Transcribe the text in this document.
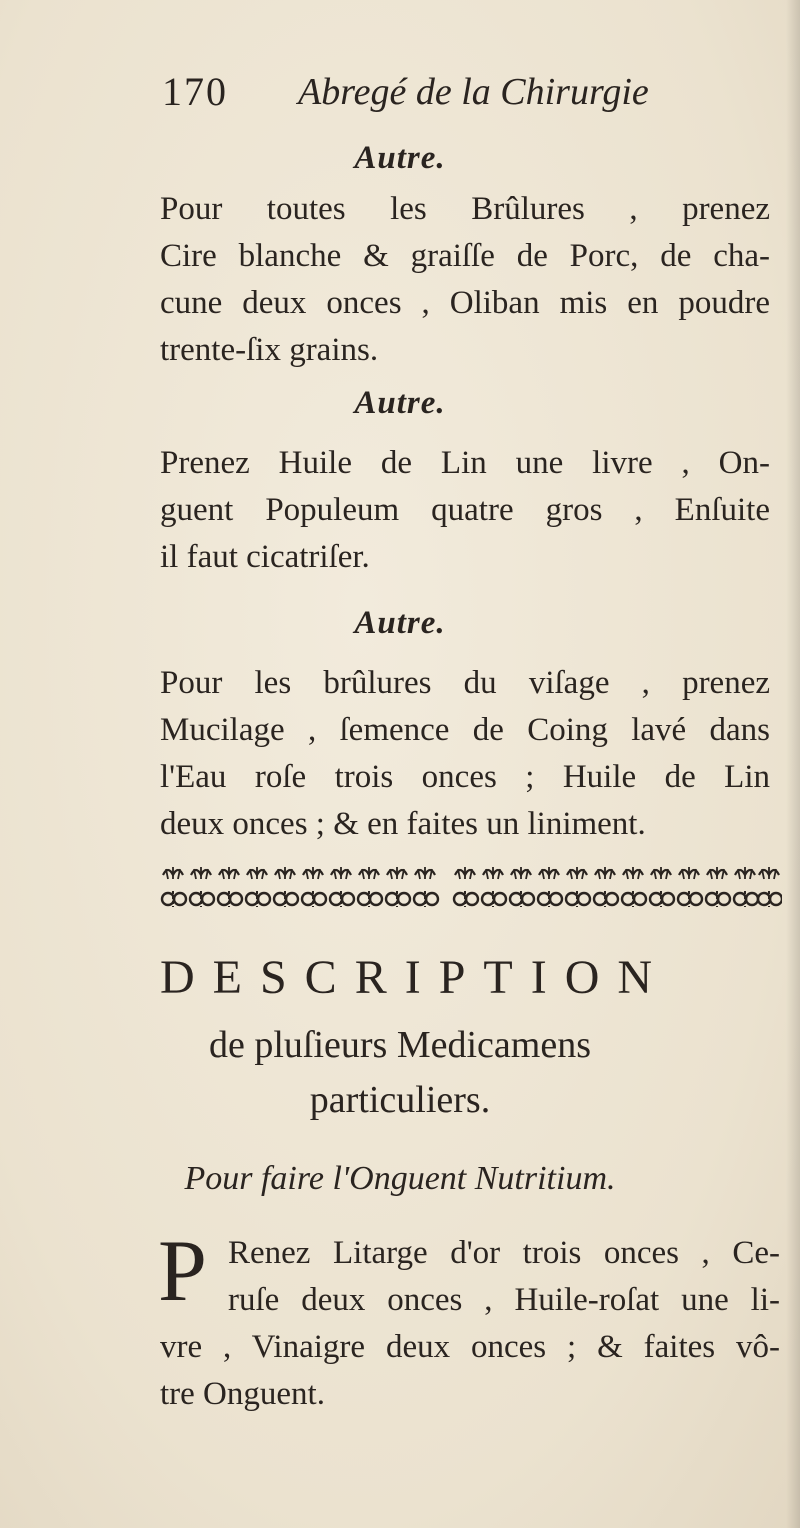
170 Abregé de la Chirurgie
Autre.

Pour toutes les Brûlures , prenez
Cire blanche & graiſſe de Porc, de cha-
cune deux onces , Oliban mis en poudre
trente-ſix grains.

Autre.

Prenez Huile de Lin une livre , On-
guent Populeum quatre gros , Enſuite
il faut cicatriſer.

Autre.

Pour les brûlures du viſage , prenez
Mucilage , ſemence de Coing lavé dans
l'Eau roſe trois onces ; Huile de Lin
deux onces ; & en faites un liniment.

DESCRIPTION
de pluſieurs Medicamens
particuliers.
Pour faire l'Onguent Nutritium.
P Renez Litarge d'or trois onces , Ce-
ruſe deux onces , Huile-roſat une li-
vre , Vinaigre deux onces ; & faites vô-
tre Onguent.
